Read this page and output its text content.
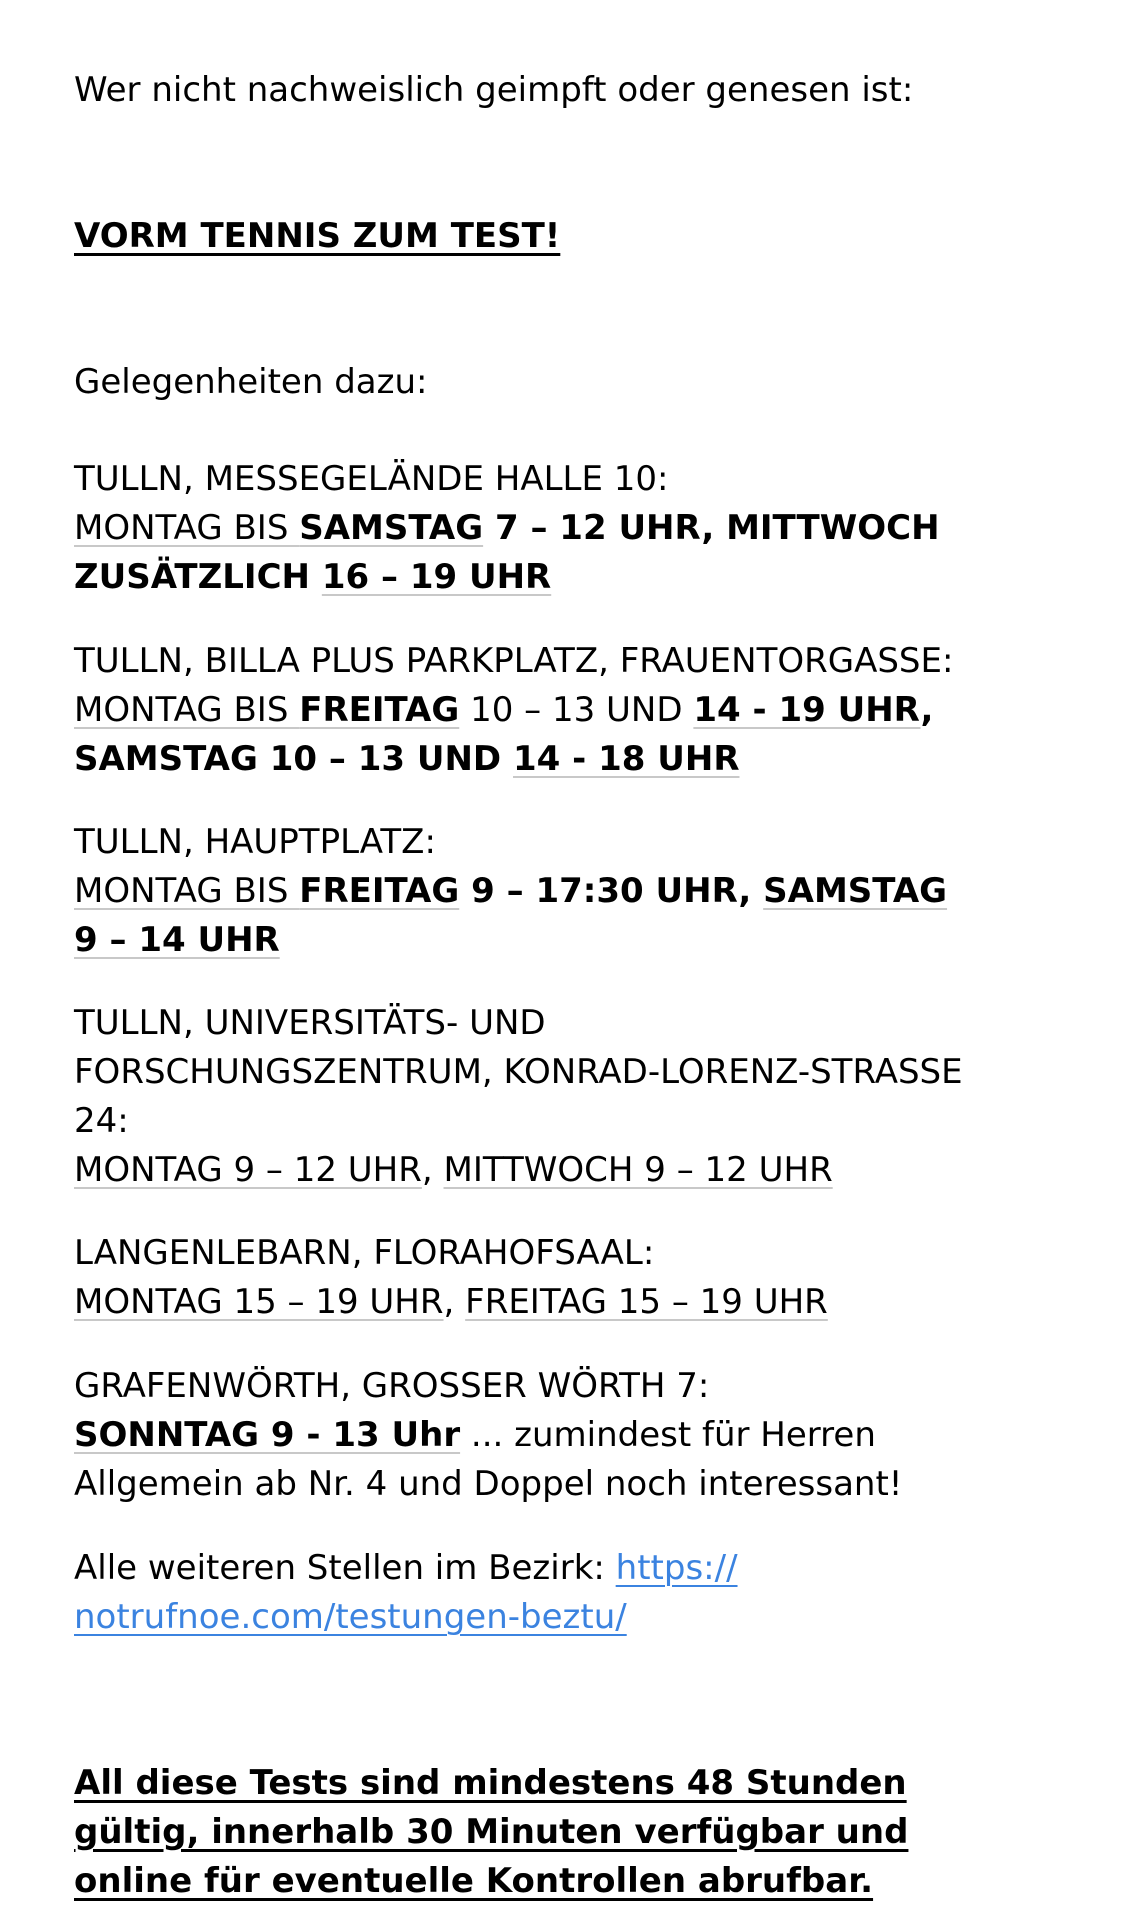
Wer nicht nachweislich geimpft oder genesen ist:
VORM TENNIS ZUM TEST!
Gelegenheiten dazu:
TULLN, MESSEGELÄNDE HALLE 10:
MONTAG BIS SAMSTAG 7 – 12 UHR, MITTWOCH
ZUSÄTZLICH 16 – 19 UHR
TULLN, BILLA PLUS PARKPLATZ, FRAUENTORGASSE:
MONTAG BIS FREITAG 10 – 13 UND 14 - 19 UHR,
SAMSTAG 10 – 13 UND 14 - 18 UHR
TULLN, HAUPTPLATZ:
MONTAG BIS FREITAG 9 – 17:30 UHR, SAMSTAG
9 – 14 UHR
TULLN, UNIVERSITÄTS- UND
FORSCHUNGSZENTRUM, KONRAD-LORENZ-STRASSE
24:
MONTAG 9 – 12 UHR, MITTWOCH 9 – 12 UHR
LANGENLEBARN, FLORAHOFSAAL:
MONTAG 15 – 19 UHR, FREITAG 15 – 19 UHR
GRAFENWÖRTH, GROSSER WÖRTH 7:
SONNTAG 9 - 13 Uhr ... zumindest für Herren
Allgemein ab Nr. 4 und Doppel noch interessant!
Alle weiteren Stellen im Bezirk: https://
notrufnoe.com/testungen-beztu/
All diese Tests sind mindestens 48 Stunden
gültig, innerhalb 30 Minuten verfügbar und
online für eventuelle Kontrollen abrufbar.
